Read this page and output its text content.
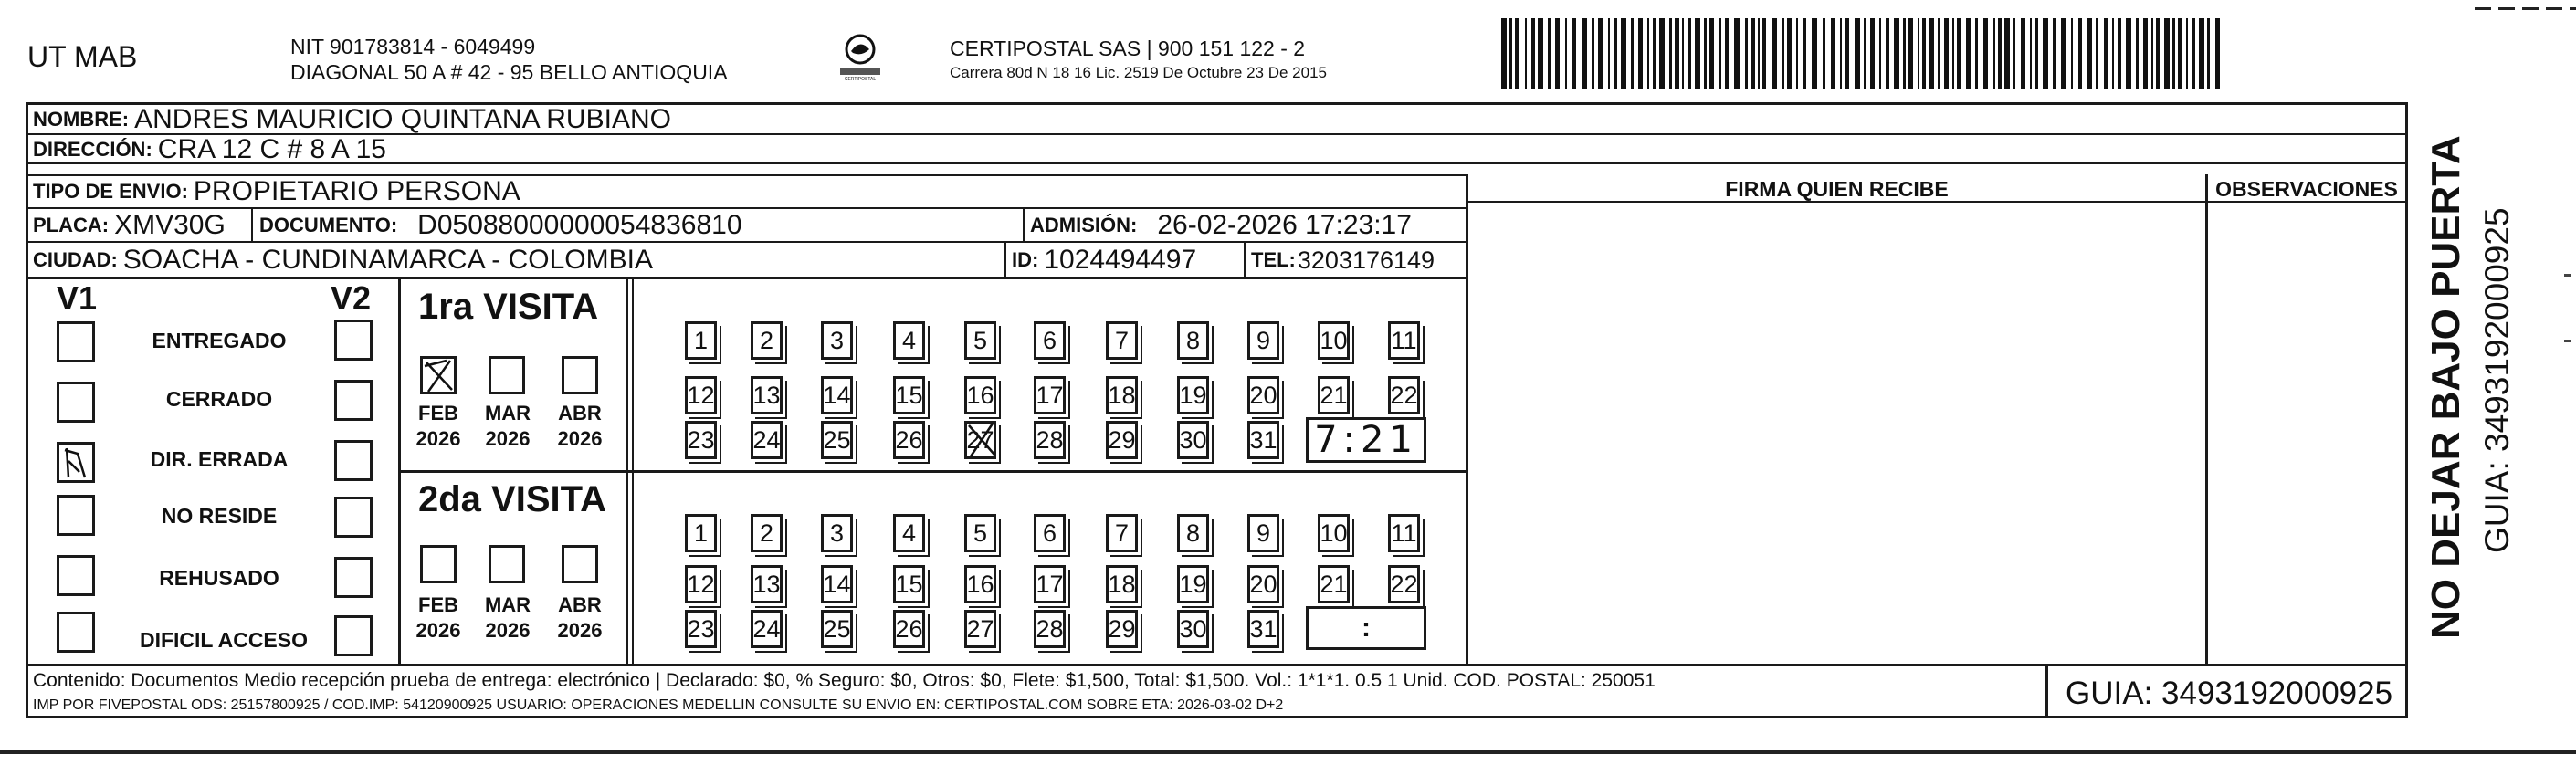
UT MAB	NIT 901783814 - 6049499
DIAGONAL 50 A # 42 - 95 BELLO ANTIOQUIA	CERTIPOSTAL
CERTIPOSTAL SAS | 900 151 122 - 2
Carrera 80d N 18 16 Lic. 2519 De Octubre 23 De 2015
NOMBRE: ANDRES MAURICIO QUINTANA RUBIANO
DIRECCIÓN: CRA 12 C # 8 A 15
TIPO DE ENVIO: PROPIETARIO PERSONA
PLACA: XMV30G DOCUMENTO: D05088000000054836810	ADMISIÓN: 26-02-2026 17:23:17
CIUDAD: SOACHA - CUNDINAMARCA - COLOMBIA	ID: 1024494497	TEL: 3203176149
FIRMA QUIEN RECIBE	OBSERVACIONES
V1	V2
ENTREGADO
CERRADO
DIR. ERRADA
NO RESIDE
REHUSADO
DIFICIL ACCESO
1ra VISITA
FEB	MAR ABR
2026 2026 2026
1	2	3	4	5	6	7	8	9	10 11
12 13 14 15 16 17 18 19 20 21 22
23 24 25 26 27 28 29 30 31 7:21
2da VISITA
FEB	MAR ABR
2026 2026 2026
1	2	3	4	5	6	7	8	9	10 11
12 13 14 15 16 17 18 19 20 21 22
23 24 25 26 27 28 29 30 31	:
Contenido: Documentos Medio recepción prueba de entrega: electrónico | Declarado: $0, % Seguro: $0, Otros: $0, Flete: $1,500, Total: $1,500. Vol.: 1*1*1. 0.5 1 Unid. COD. POSTAL: 250051
IMP POR FIVEPOSTAL ODS: 25157800925 / COD.IMP: 54120900925 USUARIO: OPERACIONES MEDELLIN CONSULTE SU ENVIO EN: CERTIPOSTAL.COM SOBRE ETA: 2026-03-02 D+2	GUIA: 3493192000925
NO DEJAR BAJO PUERTA GUIA: 3493192000925
